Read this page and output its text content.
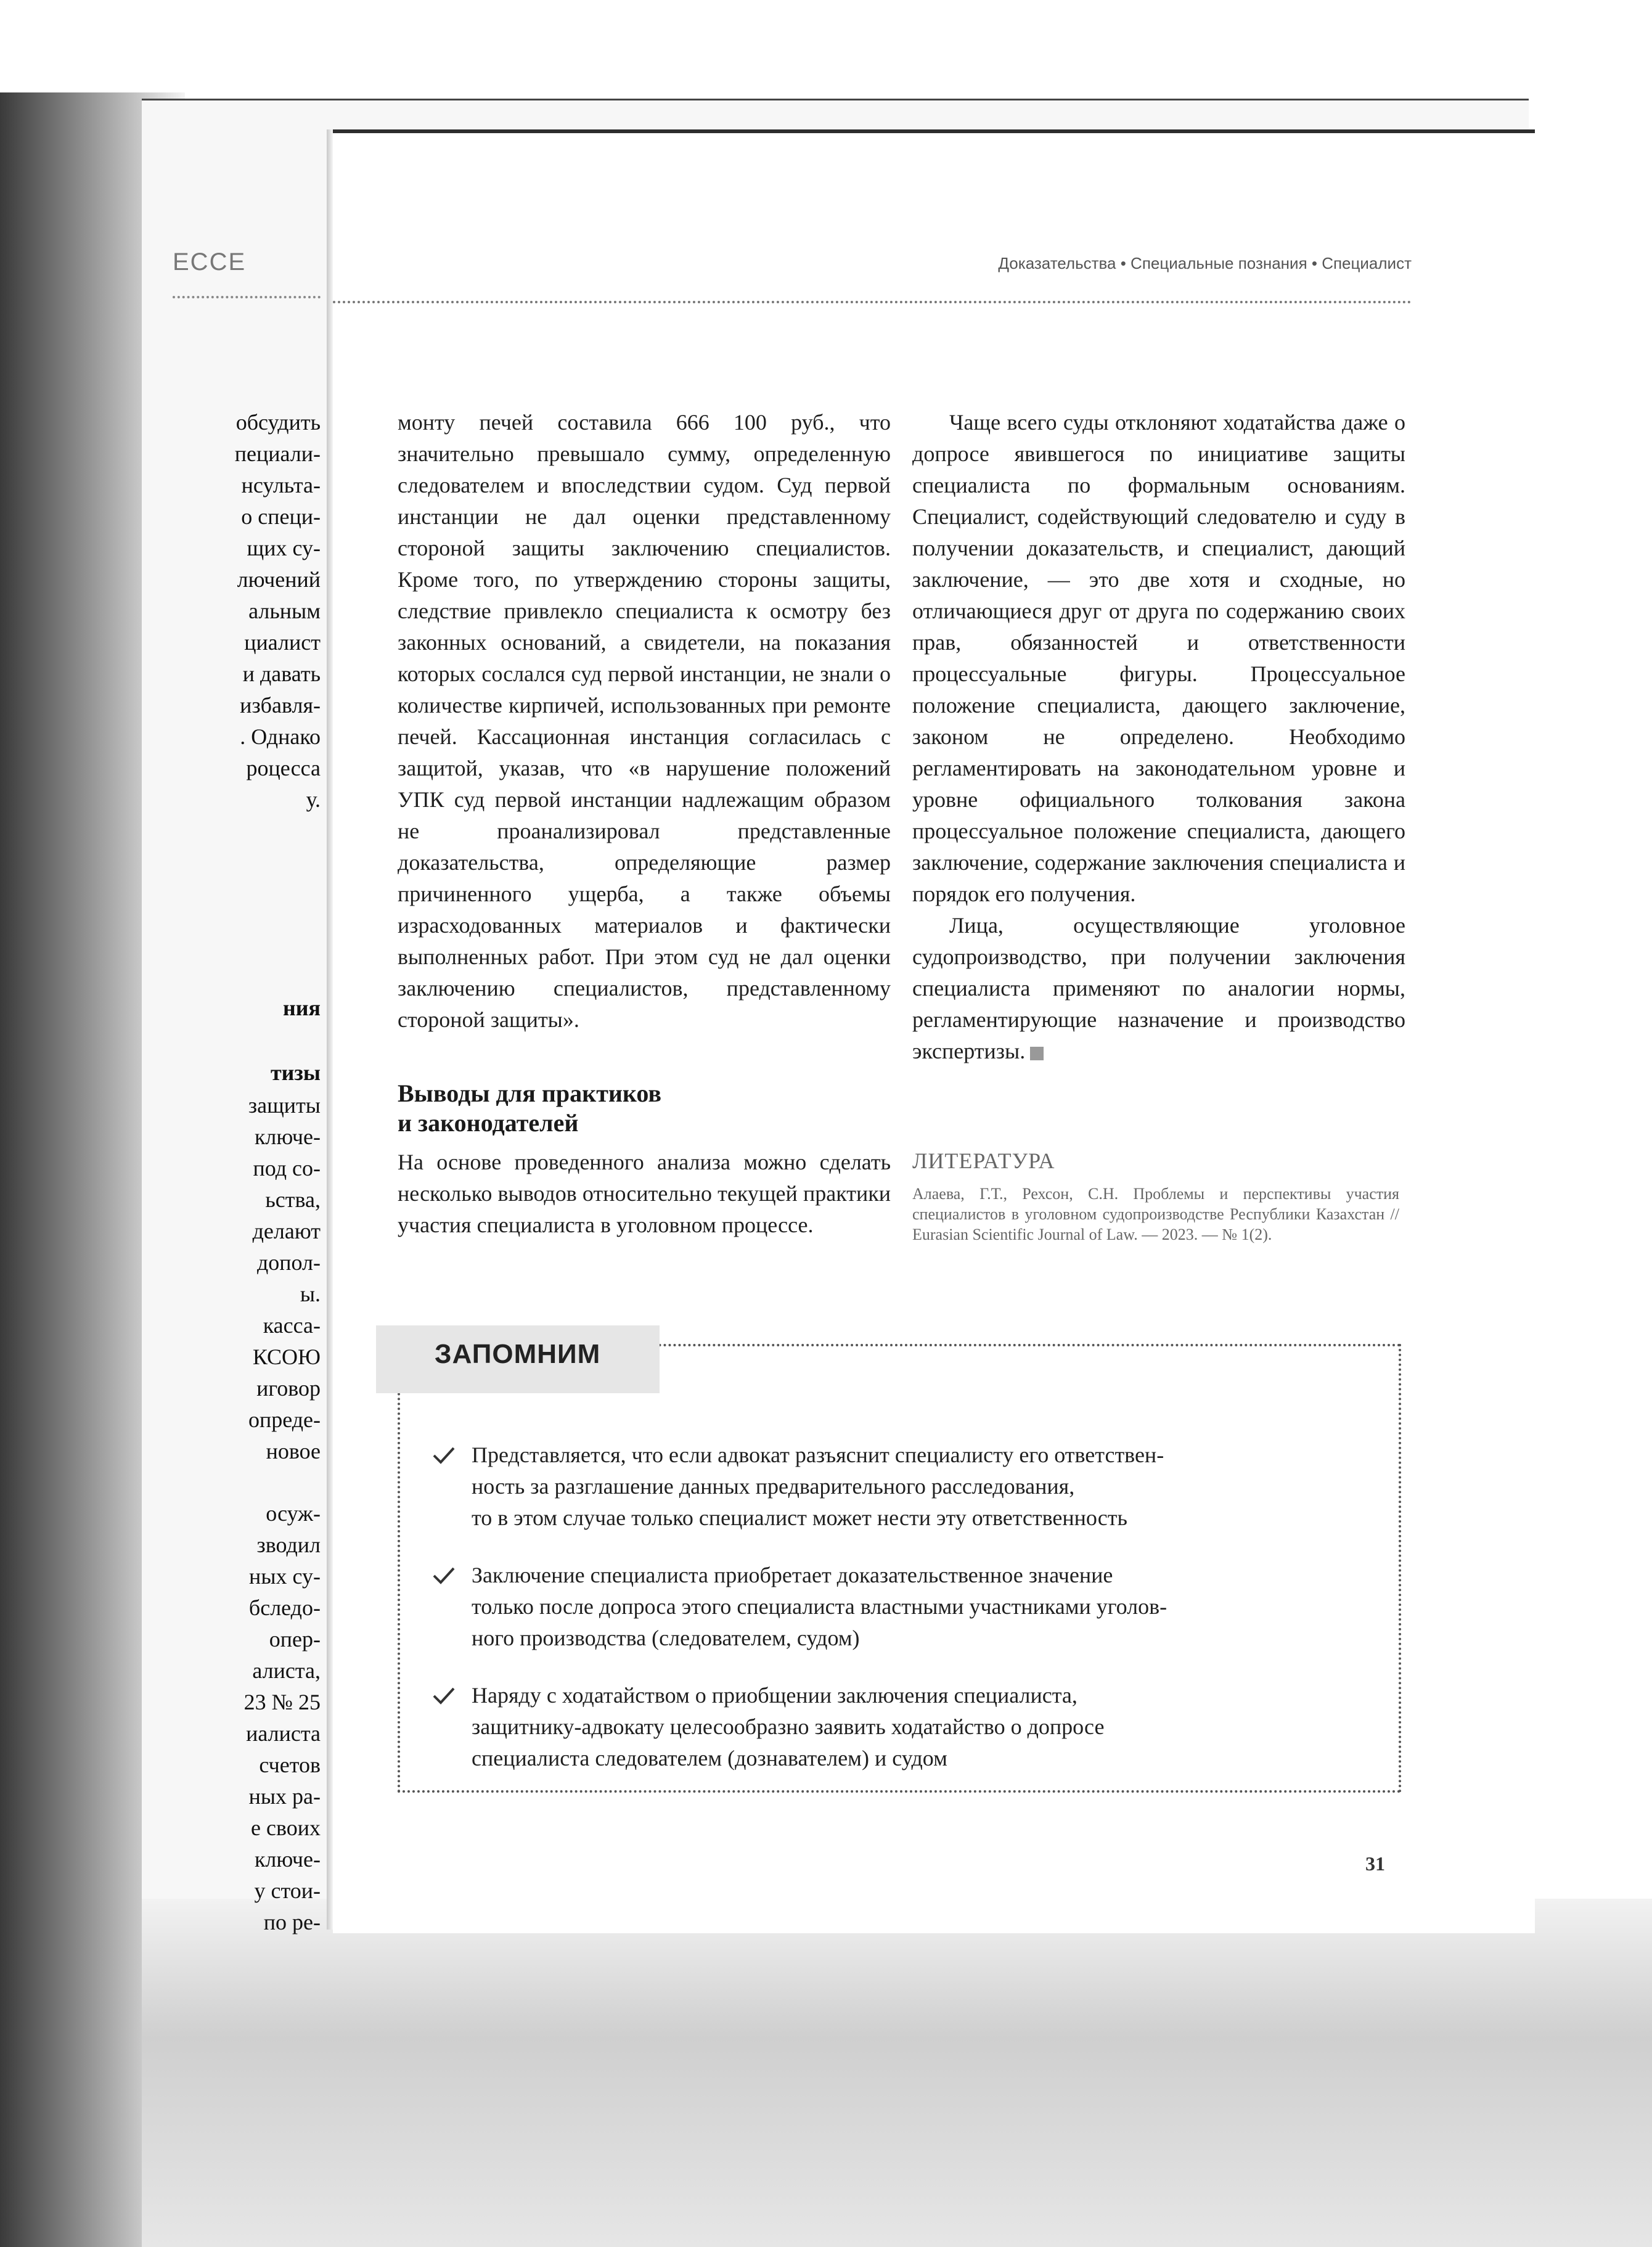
ЕССЕ
обсудить
пециали-
нсульта-
о специ-
щих су-
лючений
альным
циалист
и давать
избавля-
. Однако
роцесса
у.
ния
тизы
защиты
ключе-
под со-
ьства,
делают
допол-
ы.
касса-
КСОЮ
иговор
опреде-
новое
осуж-
зводил
ных су-
бследо-
опер-
алиста,
23 № 25
иалиста
счетов
ных ра-
е своих
ключе-
у стои-
по ре-
Доказательства • Специальные познания • Специалист

монту печей составила 666 100 руб., что значительно превышало сумму, определенную следователем и впоследствии судом. Суд первой инстанции не дал оценки представленному стороной защиты заключению специалистов. Кроме того, по утверждению стороны защиты, следствие привлекло специалиста к осмотру без законных оснований, а свидетели, на показания которых сослался суд первой инстанции, не знали о количестве кирпичей, использованных при ремонте печей. Кассационная инстанция согласилась с защитой, указав, что «в нарушение положений УПК суд первой инстанции надлежащим образом не проанализировал представленные доказательства, определяющие размер причиненного ущерба, а также объемы израсходованных материалов и фактически выполненных работ. При этом суд не дал оценки заключению специалистов, представленному стороной защиты».

Выводы для практиков
и законодателей
На основе проведенного анализа можно сделать несколько выводов относительно текущей практики участия специалиста в уголовном процессе.

Чаще всего суды отклоняют ходатайства даже о допросе явившегося по инициативе защиты специалиста по формальным основаниям. Специалист, содействующий следователю и суду в получении доказательств, и специалист, дающий заключение, — это две хотя и сходные, но отличающиеся друг от друга по содержанию своих прав, обязанностей и ответственности процессуальные фигуры. Процессуальное положение специалиста, дающего заключение, законом не определено. Необходимо регламентировать на законодательном уровне и уровне официального толкования закона процессуальное положение специалиста, дающего заключение, содержание заключения специалиста и порядок его получения.

Лица, осуществляющие уголовное судопроизводство, при получении заключения специалиста применяют по аналогии нормы, регламентирующие назначение и производство экспертизы.

ЛИТЕРАТУРА
Алаева, Г.Т., Рехсон, С.Н. Проблемы и перспективы участия специалистов в уголовном судопроизводстве Республики Казахстан // Eurasian Scientific Journal of Law. — 2023. — № 1(2).
ЗАПОМНИМ
Представляется, что если адвокат разъяснит специалисту его ответствен-
ность за разглашение данных предварительного расследования,
то в этом случае только специалист может нести эту ответственность
Заключение специалиста приобретает доказательственное значение
только после допроса этого специалиста властными участниками уголов-
ного производства (следователем, судом)
Наряду с ходатайством о приобщении заключения специалиста,
защитнику-адвокату целесообразно заявить ходатайство о допросе
специалиста следователем (дознавателем) и судом
31
